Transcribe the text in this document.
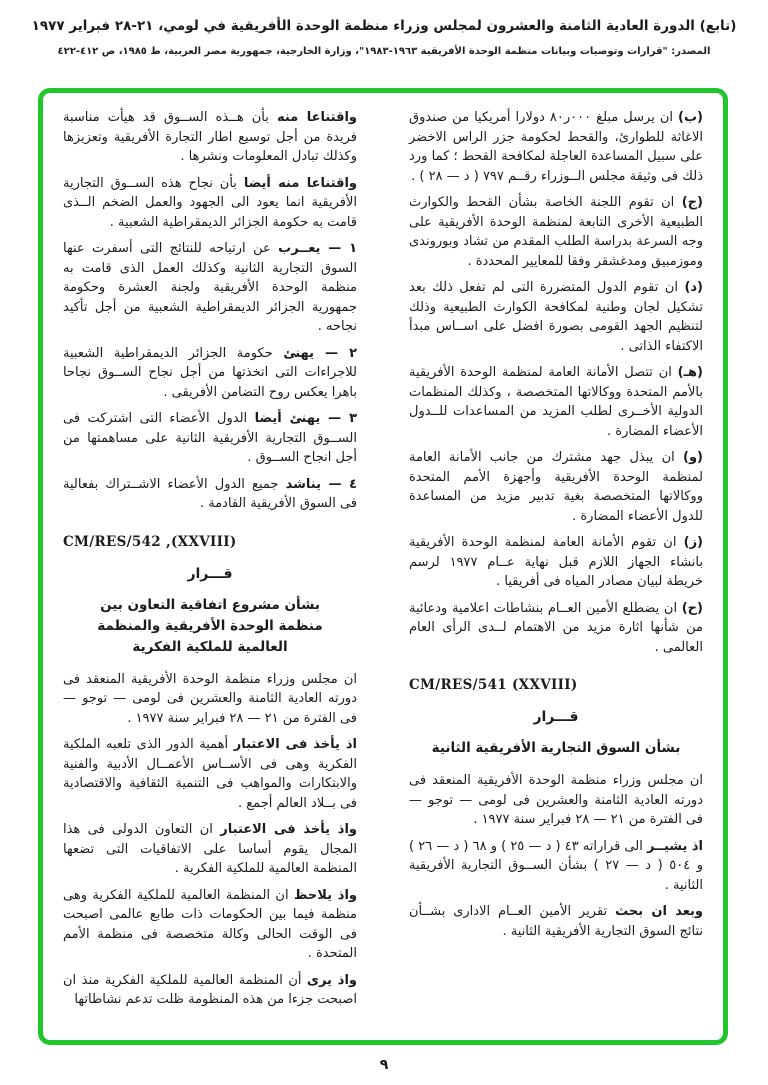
(تابع) الدورة العادية الثامنة والعشرون لمجلس وزراء منظمة الوحدة الأفريقية في لومي، ٢١-٢٨ فبراير ١٩٧٧
المصدر: "قرارات وتوصيات وبيانات منظمة الوحدة الأفريقية ١٩٦٣-١٩٨٣"، وزارة الخارجية، جمهورية مصر العربية، ط ١٩٨٥، ص ٤١٢-٤٢٢
(ب) ان يرسل مبلغ ٠٠٠ر٨٠ دولارا أمريكيا من صندوق الاغاثة للطوارئ، والقحط لحكومة جزر الراس الاخضر على سبيل المساعدة العاجلة لمكافحة القحط ؛ كما ورد ذلك فى وثيقة مجلس الــوزراء رقــم ٧٩٧ ( د — ٢٨ ) .
(ج) ان تقوم اللجنة الخاصة بشأن القحط والكوارث الطبيعية الأخرى التابعة لمنظمة الوحدة الأفريقية على وجه السرعة بدراسة الطلب المقدم من تشاد وبوروندى وموزمبيق ومدغشقر وفقا للمعايير المحددة .
(د) ان تقوم الدول المتضررة التى لم تفعل ذلك بعد تشكيل لجان وطنية لمكافحة الكوارث الطبيعية وذلك لتنظيم الجهد القومى بصورة افضل على اســاس مبدأ الاكتفاء الذاتى .
(هـ) ان تتصل الأمانة العامة لمنظمة الوحدة الأفريقية بالأمم المتحدة ووكالاتها المتخصصة ، وكذلك المنظمات الدولية الأخــرى لطلب المزيد من المساعدات للــدول الأعضاء المضارة .
(و) ان يبذل جهد مشترك من جانب الأمانة العامة لمنظمة الوحدة الأفريقية وأجهزة الأمم المتحدة ووكالاتها المتخصصة بغية تدبير مزيد من المساعدة للدول الأعضاء المضارة .
(ز) ان تقوم الأمانة العامة لمنظمة الوحدة الأفريقية بانشاء الجهاز اللازم قبل نهاية عــام ١٩٧٧ لرسم خريطة لبيان مصادر المياه فى أفريقيا .
(ح) ان يضطلع الأمين العــام بنشاطات اعلامية ودعائية من شأنها اثارة مزيد من الاهتمام لــدى الرأى العام العالمى .
CM/RES/541 (XXVIII)
قـــرار
بشأن السوق التجارية الأفريقية الثانية
ان مجلس وزراء منظمة الوحدة الأفريقية المنعقد فى دورته العادية الثامنة والعشرين فى لومى — توجو — فى الفترة من ٢١ — ٢٨ فبراير سنة ١٩٧٧ .
اذ يشيــر الى قراراته ٤٣ ( د — ٢٥ ) و ٦٨ ( د — ٢٦ ) و ٥٠٤ ( د — ٢٧ ) بشأن الســوق التجارية الأفريقية الثانية .
وبعد ان بحث تقرير الأمين العــام الادارى بشــأن نتائج السوق التجارية الأفريقية الثانية .
واقتناعا منه بأن هــذه الســوق قد هيأت مناسبة فريدة من أجل توسيع اطار التجارة الأفريقية وتعزيزها وكذلك تبادل المعلومات ونشرها .
واقتناعا منه أيضا بأن نجاح هذه الســوق التجارية الأفريقية انما يعود الى الجهود والعمل الضخم الــذى قامت به حكومة الجزائر الديمقراطية الشعبية .
١ — يعــرب عن ارتياحه للنتائج التى أسفرت عنها السوق التجارية الثانية وكذلك العمل الذى قامت به منظمة الوحدة الأفريقية ولجنة العشرة وحكومة جمهورية الجزائر الديمقراطية الشعبية من أجل تأكيد نجاحه .
٢ — يهنئ حكومة الجزائر الديمقراطية الشعبية للاجراءات التى اتخذتها من أجل نجاح الســوق نجاحا باهرا يعكس روح التضامن الأفريقى .
٣ — يهنئ أيضا الدول الأعضاء التى اشتركت فى الســوق التجارية الأفريقية الثانية على مساهمتها من أجل انجاح الســوق .
٤ — يناشد جميع الدول الأعضاء الاشــتراك بفعالية فى السوق الأفريقية القادمة .
CM/RES/542 ,(XXVIII)
قـــرار
بشأن مشروع اتفاقية التعاون بين منظمة الوحدة الأفريقية والمنظمة العالمية للملكية الفكرية
ان مجلس وزراء منظمة الوحدة الأفريقية المنعقد فى دورته العادية الثامنة والعشرين فى لومى — توجو — فى الفترة من ٢١ — ٢٨ فبراير سنة ١٩٧٧ .
اذ يأخذ فى الاعتبار أهمية الدور الذى تلعبه الملكية الفكرية وهى فى الأســاس الأعمــال الأدبية والفنية والابتكارات والمواهب فى التنمية الثقافية والاقتصادية فى بــلاد العالم أجمع .
واذ يأخذ فى الاعتبار ان التعاون الدولى فى هذا المجال يقوم أساسا على الاتفاقيات التى تضعها المنظمة العالمية للملكية الفكرية .
واذ يلاحظ ان المنظمة العالمية للملكية الفكرية وهى منظمة فيما بين الحكومات ذات طابع عالمى اصبحت فى الوقت الحالى وكالة متخصصة فى منظمة الأمم المتحدة .
واذ يرى أن المنظمة العالمية للملكية الفكرية منذ ان اصبحت جزءا من هذه المنظومة ظلت تدعم نشاطاتها
٩
